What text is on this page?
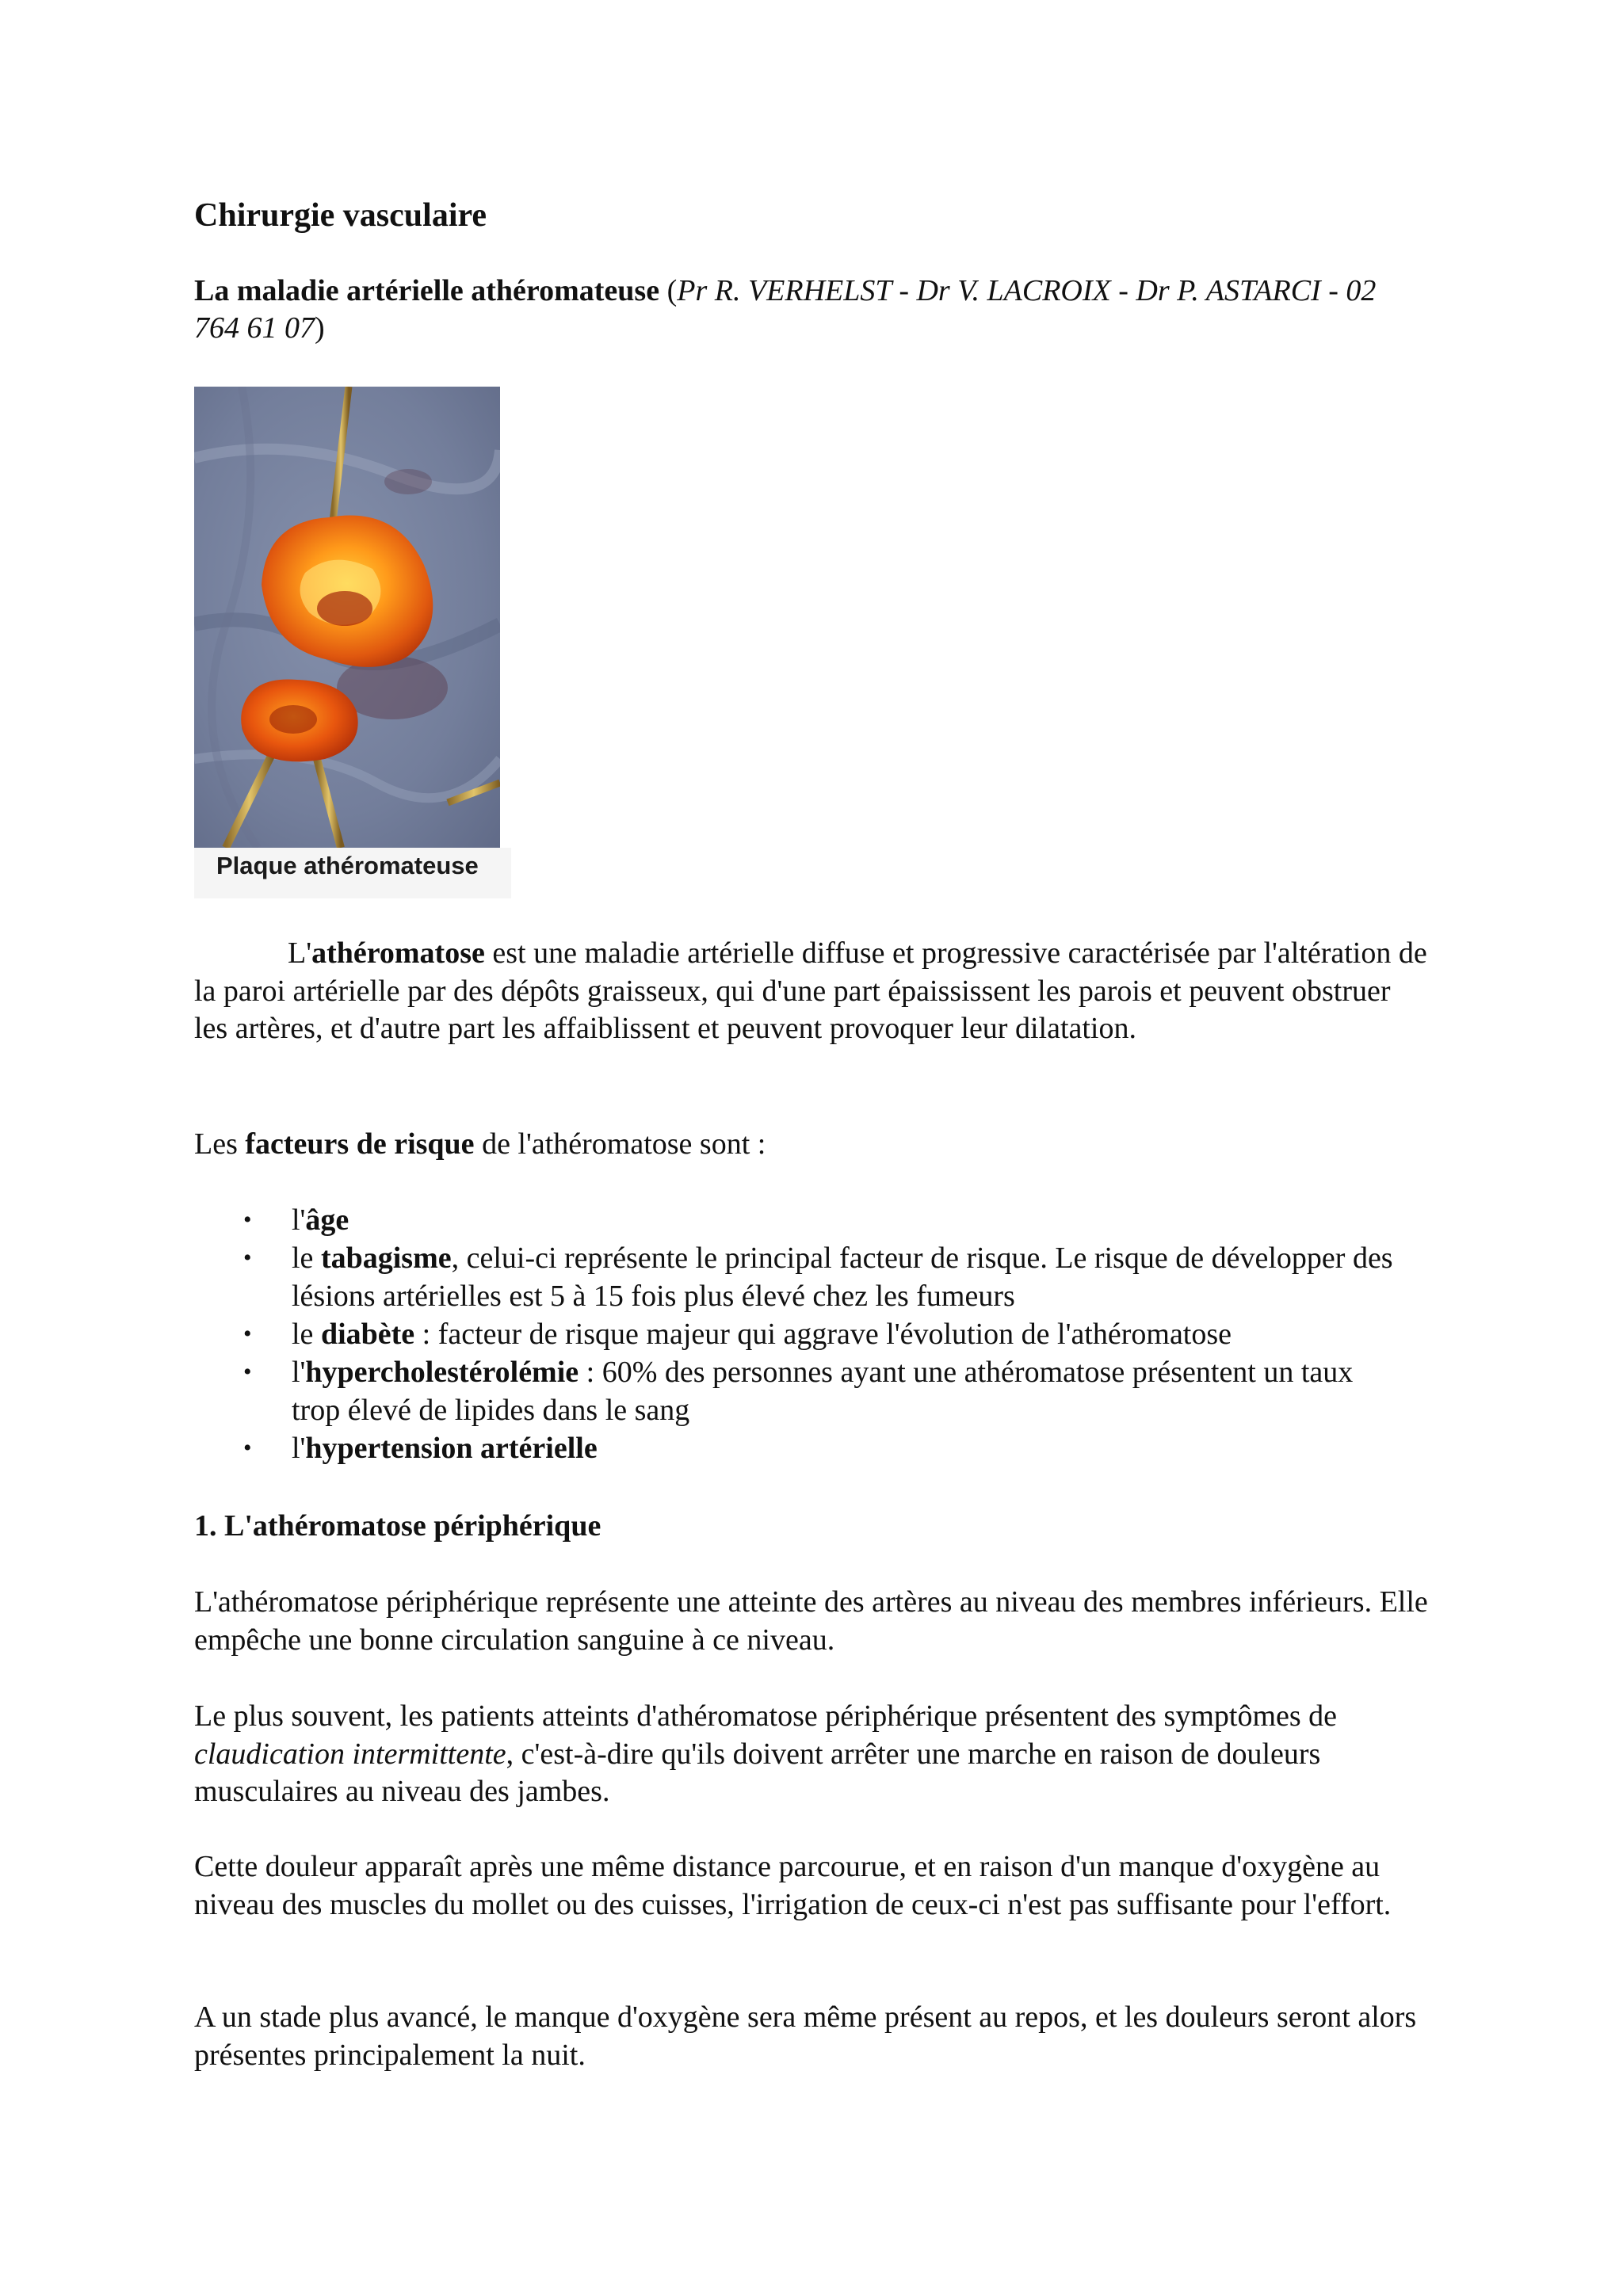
Chirurgie vasculaire

La maladie artérielle athéromateuse (Pr R. VERHELST - Dr V. LACROIX - Dr P. ASTARCI - 02 764 61 07)

Plaque athéromateuse

L'athéromatose est une maladie artérielle diffuse et progressive caractérisée par l'altération de la paroi artérielle par des dépôts graisseux, qui d'une part épaississent les parois et peuvent obstruer les artères, et d'autre part les affaiblissent et peuvent provoquer leur dilatation.

Les facteurs de risque de l'athéromatose sont :

• l'âge
• le tabagisme, celui-ci représente le principal facteur de risque. Le risque de développer des lésions artérielles est 5 à 15 fois plus élevé chez les fumeurs
• le diabète : facteur de risque majeur qui aggrave l'évolution de l'athéromatose
• l'hypercholestérolémie : 60% des personnes ayant une athéromatose présentent un taux trop élevé de lipides dans le sang
• l'hypertension artérielle
1. L'athéromatose périphérique

L'athéromatose périphérique représente une atteinte des artères au niveau des membres inférieurs. Elle empêche une bonne circulation sanguine à ce niveau.

Le plus souvent, les patients atteints d'athéromatose périphérique présentent des symptômes de claudication intermittente, c'est-à-dire qu'ils doivent arrêter une marche en raison de douleurs musculaires au niveau des jambes.

Cette douleur apparaît après une même distance parcourue, et en raison d'un manque d'oxygène au niveau des muscles du mollet ou des cuisses, l'irrigation de ceux-ci n'est pas suffisante pour l'effort.

A un stade plus avancé, le manque d'oxygène sera même présent au repos, et les douleurs seront alors présentes principalement la nuit.
